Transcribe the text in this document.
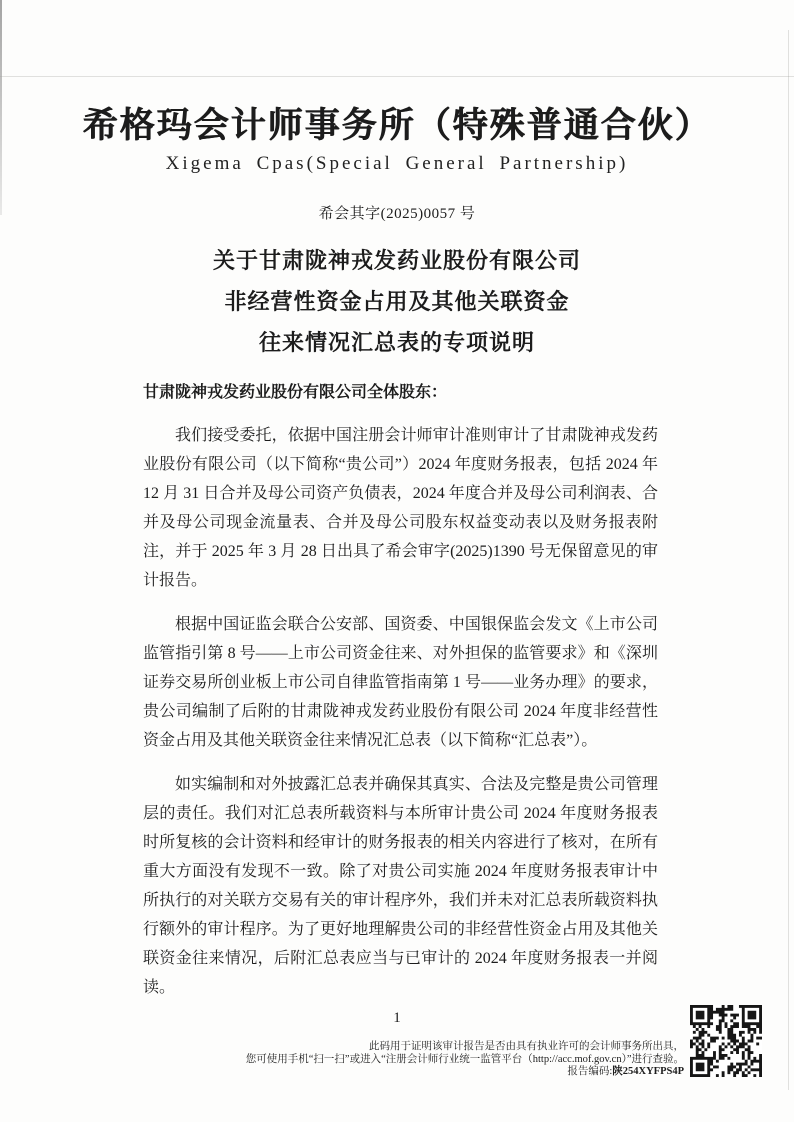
希格玛会计师事务所（特殊普通合伙）
Xigema Cpas(Special General Partnership)
希会其字(2025)0057 号
关于甘肃陇神戎发药业股份有限公司
非经营性资金占用及其他关联资金
往来情况汇总表的专项说明
甘肃陇神戎发药业股份有限公司全体股东：

我们接受委托，依据中国注册会计师审计准则审计了甘肃陇神戎发药业股份有限公司（以下简称“贵公司”）2024 年度财务报表，包括 2024 年 12 月 31 日合并及母公司资产负债表，2024 年度合并及母公司利润表、合并及母公司现金流量表、合并及母公司股东权益变动表以及财务报表附注，并于 2025 年 3 月 28 日出具了希会审字(2025)1390 号无保留意见的审计报告。

根据中国证监会联合公安部、国资委、中国银保监会发文《上市公司监管指引第 8 号——上市公司资金往来、对外担保的监管要求》和《深圳证券交易所创业板上市公司自律监管指南第 1 号——业务办理》的要求，贵公司编制了后附的甘肃陇神戎发药业股份有限公司 2024 年度非经营性资金占用及其他关联资金往来情况汇总表（以下简称“汇总表”）。

如实编制和对外披露汇总表并确保其真实、合法及完整是贵公司管理层的责任。我们对汇总表所载资料与本所审计贵公司 2024 年度财务报表时所复核的会计资料和经审计的财务报表的相关内容进行了核对，在所有重大方面没有发现不一致。除了对贵公司实施 2024 年度财务报表审计中所执行的对关联方交易有关的审计程序外，我们并未对汇总表所载资料执行额外的审计程序。为了更好地理解贵公司的非经营性资金占用及其他关联资金往来情况，后附汇总表应当与已审计的 2024 年度财务报表一并阅读。

1
此码用于证明该审计报告是否由具有执业许可的会计师事务所出具，
您可使用手机“扫一扫”或进入“注册会计师行业统一监管平台（http://acc.mof.gov.cn）”进行查验。
报告编码:陕254XYFPS4P
